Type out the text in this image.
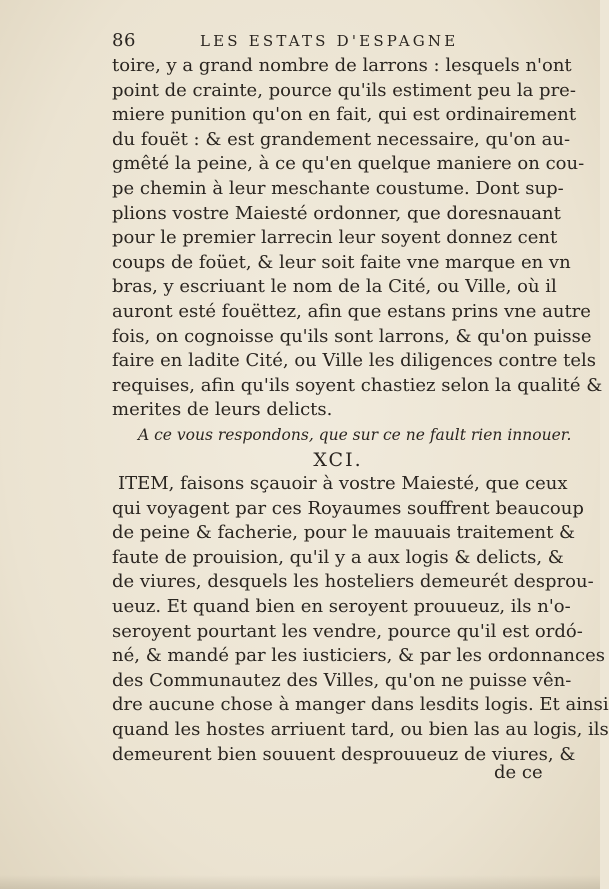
86	LES ESTATS D'ESPAGNE
toire, y a grand nombre de larrons : lesquels n'ont
point de crainte, pource qu'ils estiment peu la pre-
miere punition qu'on en fait, qui est ordinairement
du fouët : & est grandement necessaire, qu'on au-
gmêté la peine, à ce qu'en quelque maniere on cou-
pe chemin à leur meschante coustume. Dont sup-
plions vostre Maiesté ordonner, que doresnauant
pour le premier larrecin leur soyent donnez cent
coups de foüet, & leur soit faite vne marque en vn
bras, y escriuant le nom de la Cité, ou Ville, où il
auront esté fouëttez, afin que estans prins vne autre
fois, on cognoisse qu'ils sont larrons, & qu'on puisse
faire en ladite Cité, ou Ville les diligences contre tels
requises, afin qu'ils soyent chastiez selon la qualité &
merites de leurs delicts.
A ce vous respondons, que sur ce ne fault rien innouer.
XCI.
ITEM, faisons sçauoir à vostre Maiesté, que ceux
qui voyagent par ces Royaumes souffrent beaucoup
de peine & facherie, pour le mauuais traitement &
faute de prouision, qu'il y a aux logis & delicts, &
de viures, desquels les hosteliers demeurét desprou-
ueuz. Et quand bien en seroyent prouueuz, ils n'o-
seroyent pourtant les vendre, pource qu'il est ordó-
né, & mandé par les iusticiers, & par les ordonnances
des Communautez des Villes, qu'on ne puisse vên-
dre aucune chose à manger dans lesdits logis. Et ainsi
quand les hostes arriuent tard, ou bien las au logis, ils
demeurent bien souuent desprouueuz de viures, &
de ce
